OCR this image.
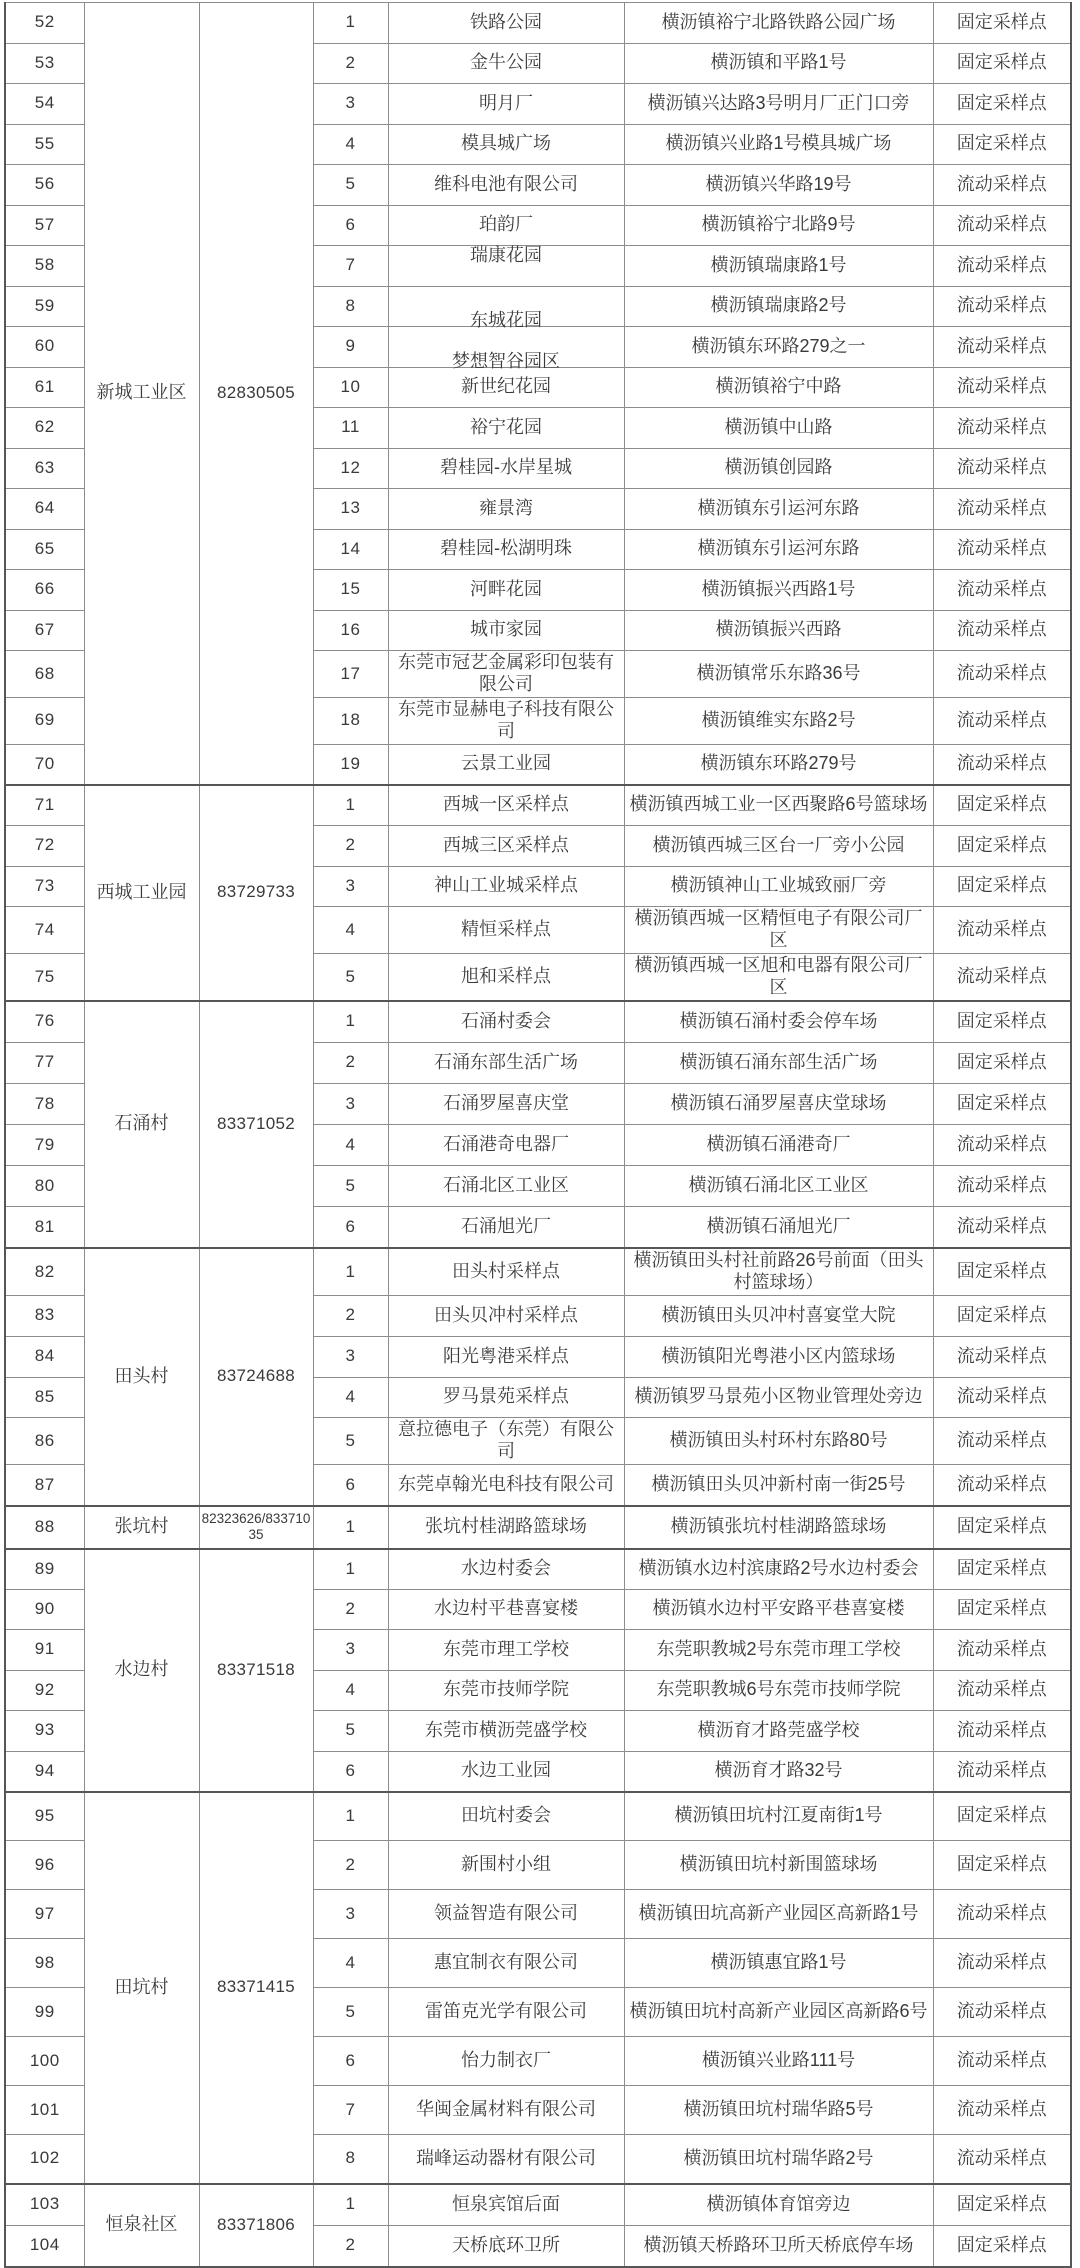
52	新城工业区	82830505	1	铁路公园	横沥镇裕宁北路铁路公园广场	固定采样点
53			2	金牛公园	横沥镇和平路1号	固定采样点
54			3	明月厂	横沥镇兴达路3号明月厂正门口旁	固定采样点
55			4	模具城广场	横沥镇兴业路1号模具城广场	固定采样点
56			5	维科电池有限公司	横沥镇兴华路19号	流动采样点
57			6	珀韵厂	横沥镇裕宁北路9号	流动采样点
58			7	瑞康花园	横沥镇瑞康路1号	流动采样点
59			8	东城花园	横沥镇瑞康路2号	流动采样点
60			9	梦想智谷园区	横沥镇东环路279之一	流动采样点
61			10	新世纪花园	横沥镇裕宁中路	流动采样点
62			11	裕宁花园	横沥镇中山路	流动采样点
63			12	碧桂园-水岸星城	横沥镇创园路	流动采样点
64			13	雍景湾	横沥镇东引运河东路	流动采样点
65			14	碧桂园-松湖明珠	横沥镇东引运河东路	流动采样点
66			15	河畔花园	横沥镇振兴西路1号	流动采样点
67			16	城市家园	横沥镇振兴西路	流动采样点
68			17	东莞市冠艺金属彩印包装有限公司	横沥镇常乐东路36号	流动采样点
69			18	东莞市显赫电子科技有限公司	横沥镇维实东路2号	流动采样点
70			19	云景工业园	横沥镇东环路279号	流动采样点
71	西城工业园	83729733	1	西城一区采样点	横沥镇西城工业一区西聚路6号篮球场	固定采样点
72			2	西城三区采样点	横沥镇西城三区台一厂旁小公园	固定采样点
73			3	神山工业城采样点	横沥镇神山工业城致丽厂旁	固定采样点
74			4	精恒采样点	横沥镇西城一区精恒电子有限公司厂区	流动采样点
75			5	旭和采样点	横沥镇西城一区旭和电器有限公司厂区	流动采样点
76	石涌村	83371052	1	石涌村委会	横沥镇石涌村委会停车场	固定采样点
77			2	石涌东部生活广场	横沥镇石涌东部生活广场	固定采样点
78			3	石涌罗屋喜庆堂	横沥镇石涌罗屋喜庆堂球场	固定采样点
79			4	石涌港奇电器厂	横沥镇石涌港奇厂	流动采样点
80			5	石涌北区工业区	横沥镇石涌北区工业区	流动采样点
81			6	石涌旭光厂	横沥镇石涌旭光厂	流动采样点
82	田头村	83724688	1	田头村采样点	横沥镇田头村社前路26号前面（田头村篮球场）	固定采样点
83			2	田头贝冲村采样点	横沥镇田头贝冲村喜宴堂大院	固定采样点
84			3	阳光粤港采样点	横沥镇阳光粤港小区内篮球场	流动采样点
85			4	罗马景苑采样点	横沥镇罗马景苑小区物业管理处旁边	流动采样点
86			5	意拉德电子（东莞）有限公司	横沥镇田头村环村东路80号	流动采样点
87			6	东莞卓翰光电科技有限公司	横沥镇田头贝冲新村南一街25号	流动采样点
88	张坑村	82323626/83371035	1	张坑村桂湖路篮球场	横沥镇张坑村桂湖路篮球场	固定采样点
89	水边村	83371518	1	水边村委会	横沥镇水边村滨康路2号水边村委会	固定采样点
90			2	水边村平巷喜宴楼	横沥镇水边村平安路平巷喜宴楼	固定采样点
91			3	东莞市理工学校	东莞职教城2号东莞市理工学校	流动采样点
92			4	东莞市技师学院	东莞职教城6号东莞市技师学院	流动采样点
93			5	东莞市横沥莞盛学校	横沥育才路莞盛学校	流动采样点
94			6	水边工业园	横沥育才路32号	流动采样点
95	田坑村	83371415	1	田坑村委会	横沥镇田坑村江夏南街1号	固定采样点
96			2	新围村小组	横沥镇田坑村新围篮球场	固定采样点
97			3	领益智造有限公司	横沥镇田坑高新产业园区高新路1号	流动采样点
98			4	惠宜制衣有限公司	横沥镇惠宜路1号	流动采样点
99			5	雷笛克光学有限公司	横沥镇田坑村高新产业园区高新路6号	流动采样点
100			6	怡力制衣厂	横沥镇兴业路111号	流动采样点
101			7	华闽金属材料有限公司	横沥镇田坑村瑞华路5号	流动采样点
102			8	瑞峰运动器材有限公司	横沥镇田坑村瑞华路2号	流动采样点
103	恒泉社区	83371806	1	恒泉宾馆后面	横沥镇体育馆旁边	固定采样点
104			2	天桥底环卫所	横沥镇天桥路环卫所天桥底停车场	固定采样点
